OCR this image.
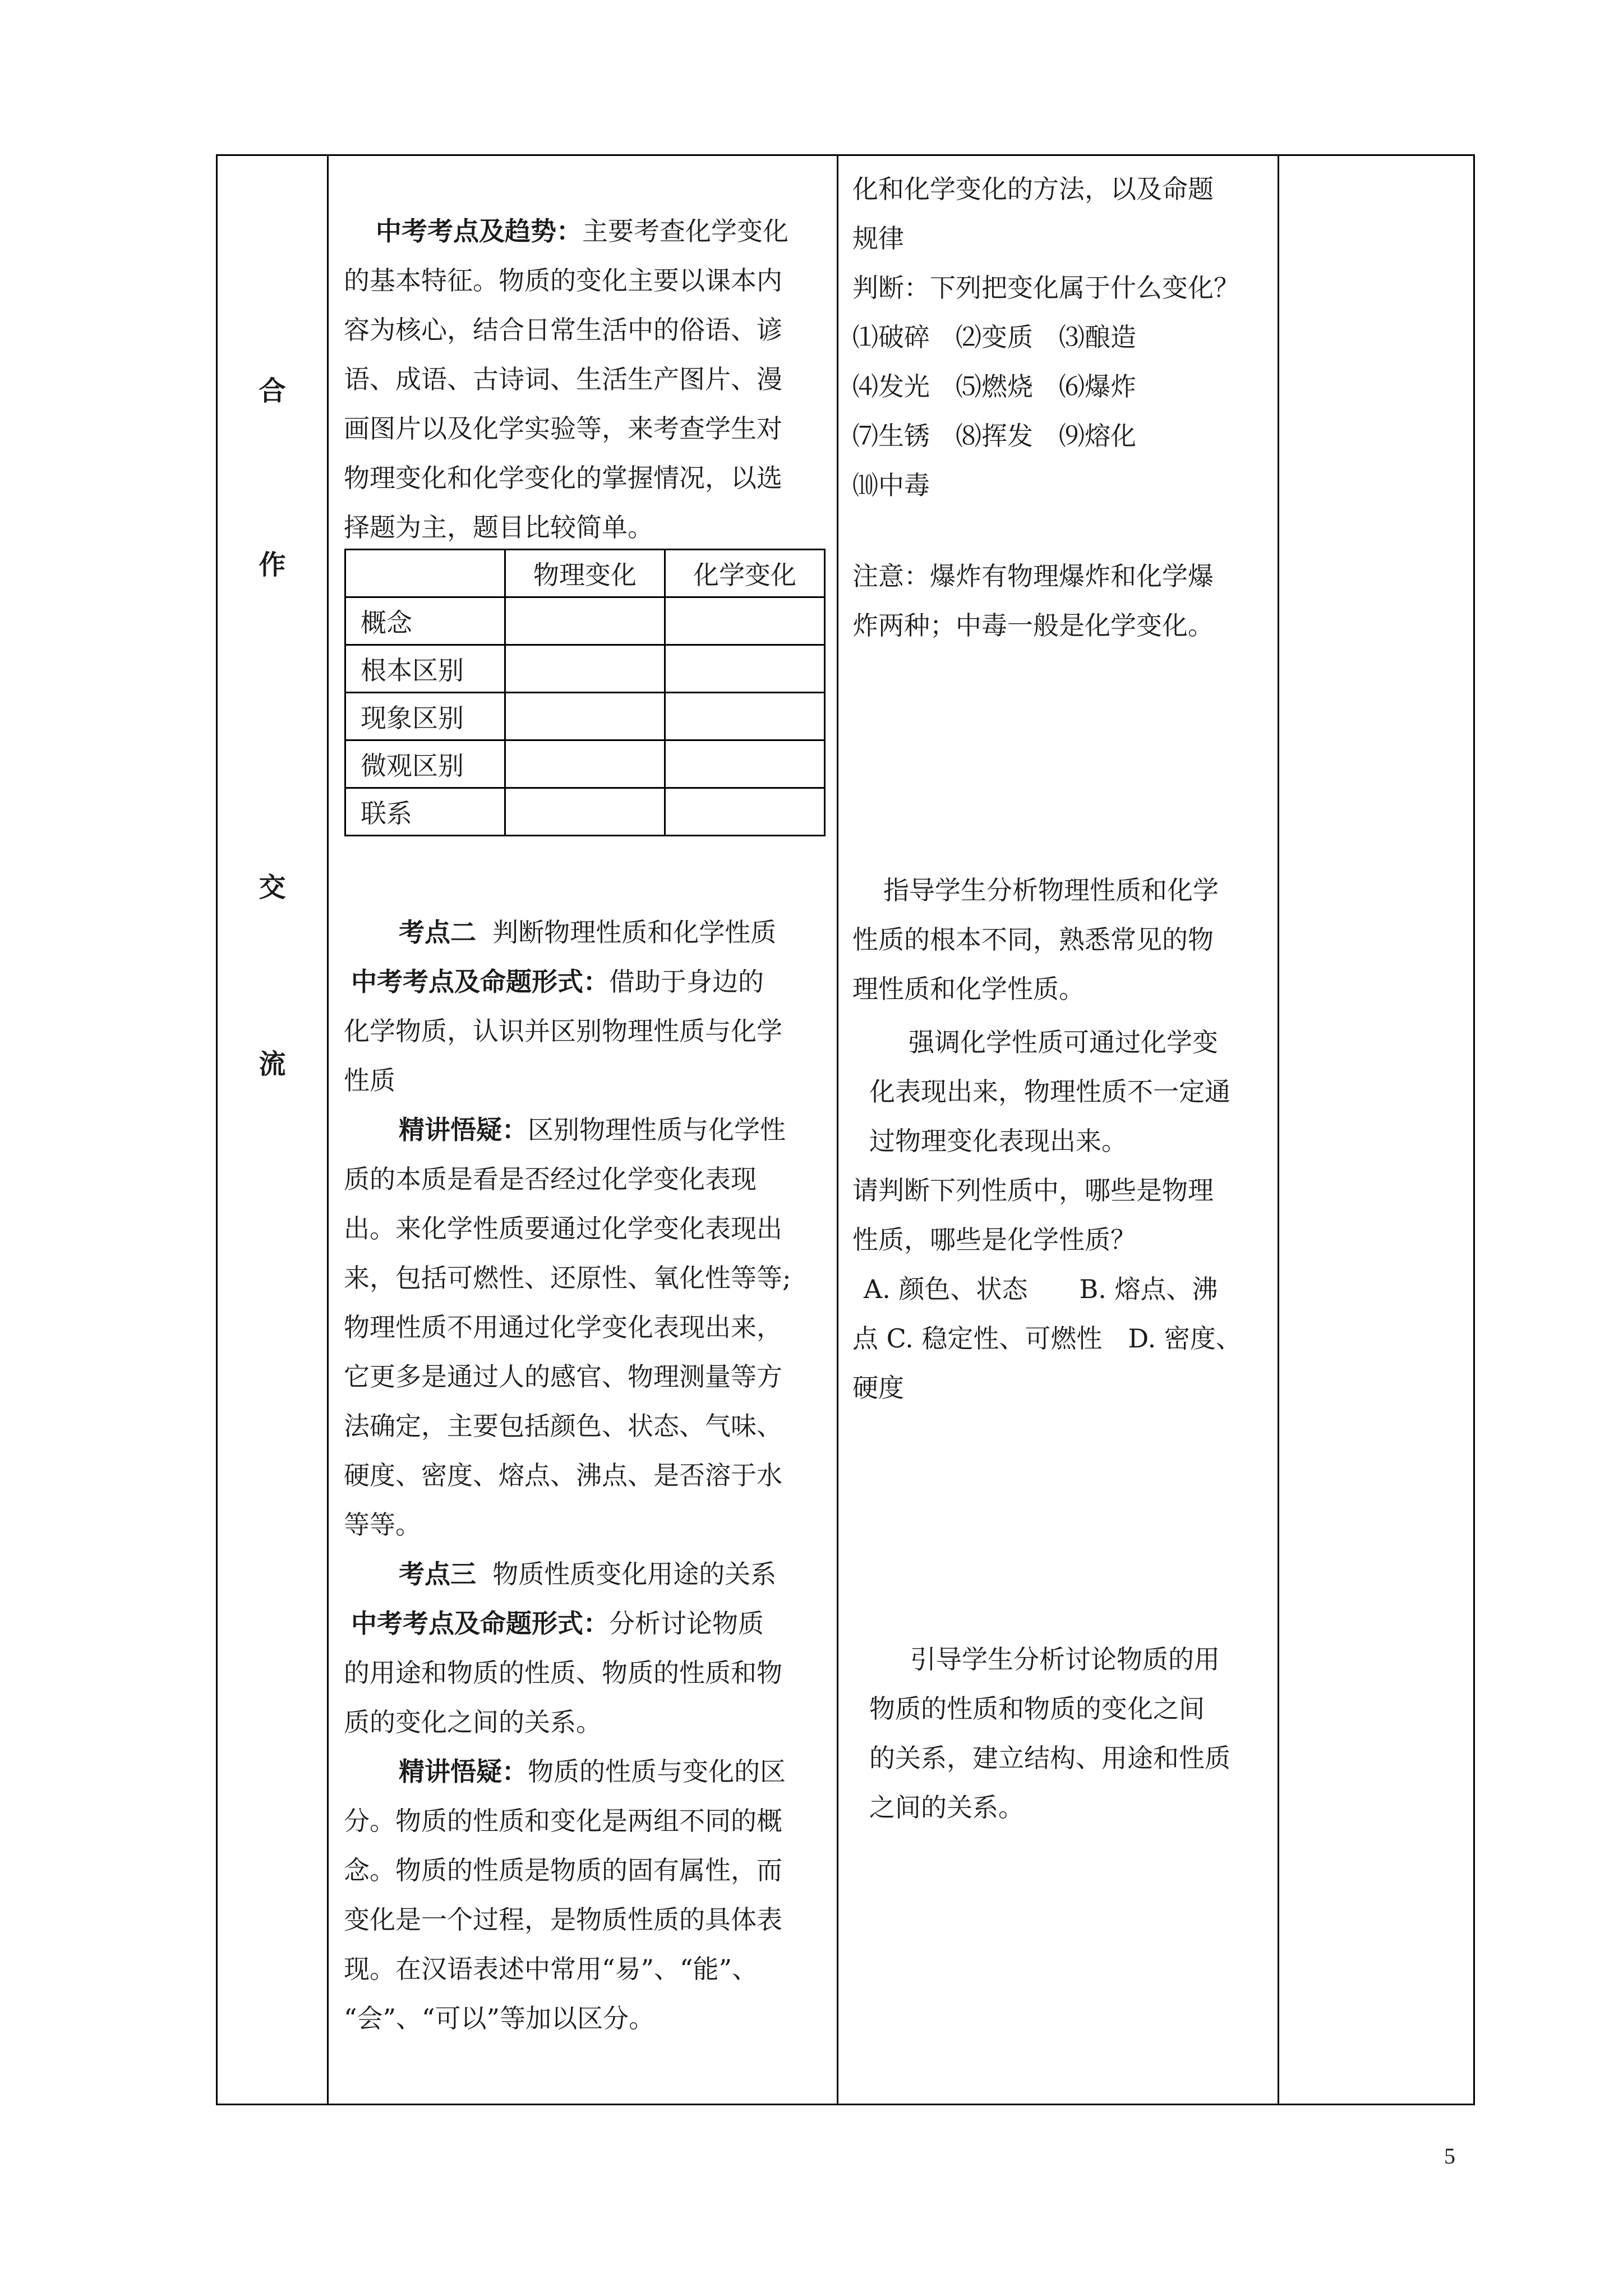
合
作
交
流
中考考点及趋势：主要考查化学变化
的基本特征。物质的变化主要以课本内
容为核心，结合日常生活中的俗语、谚
语、成语、古诗词、生活生产图片、漫
画图片以及化学实验等，来考查学生对
物理变化和化学变化的掌握情况，以选
择题为主，题目比较简单。
	物理变化	化学变化
概念		
根本区别		
现象区别		
微观区别		
联系		
考点二 判断物理性质和化学性质
中考考点及命题形式：借助于身边的
化学物质，认识并区别物理性质与化学
性质
精讲悟疑：区别物理性质与化学性
质的本质是看是否经过化学变化表现
出。来化学性质要通过化学变化表现出
来，包括可燃性、还原性、氧化性等等;
物理性质不用通过化学变化表现出来，
它更多是通过人的感官、物理测量等方
法确定，主要包括颜色、状态、气味、
硬度、密度、熔点、沸点、是否溶于水
等等。
考点三 物质性质变化用途的关系
中考考点及命题形式：分析讨论物质
的用途和物质的性质、物质的性质和物
质的变化之间的关系。
精讲悟疑：物质的性质与变化的区
分。物质的性质和变化是两组不同的概
念。物质的性质是物质的固有属性，而
变化是一个过程，是物质性质的具体表
现。在汉语表述中常用“易”、“能”、
“会”、“可以”等加以区分。
化和化学变化的方法，以及命题
规律
判断：下列把变化属于什么变化？
⑴破碎　⑵变质　⑶酿造
⑷发光　⑸燃烧　⑹爆炸
⑺生锈　⑻挥发　⑼熔化
⑽中毒
注意：爆炸有物理爆炸和化学爆
炸两种；中毒一般是化学变化。
指导学生分析物理性质和化学
性质的根本不同，熟悉常见的物
理性质和化学性质。
强调化学性质可通过化学变
化表现出来，物理性质不一定通
过物理变化表现出来。
请判断下列性质中，哪些是物理
性质，哪些是化学性质？
A. 颜色、状态　　B. 熔点、沸
点 C. 稳定性、可燃性　D. 密度、
硬度
引导学生分析讨论物质的用
物质的性质和物质的变化之间
的关系，建立结构、用途和性质
之间的关系。
5
